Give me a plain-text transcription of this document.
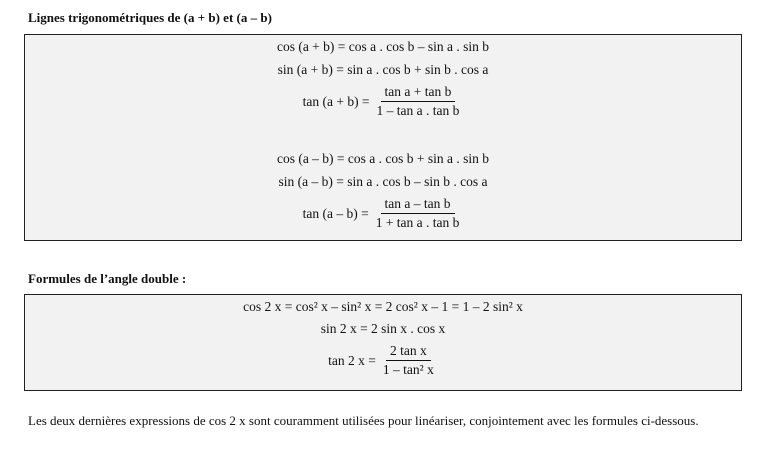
Lignes trigonométriques de (a + b) et (a – b)
cos (a + b) = cos a . cos b – sin a . sin b
sin (a + b) = sin a . cos b + sin b . cos a
$\tan (a + b) = \frac{\text{tan a + tan b}}{\text{1 – tan a . tan b}}$
cos (a – b) = cos a . cos b + sin a . sin b
sin (a – b) = sin a . cos b – sin b . cos a
$\tan (a - b) = \frac{\text{tan a – tan b}}{\text{1 + tan a . tan b}}$
Formules de l’angle double :
cos 2 x = cos² x – sin² x = 2 cos² x – 1 = 1 – 2 sin² x
sin 2 x = 2 sin x . cos x
tan 2 $x = \frac{\text{2 tan x}}{\text{1 – tan² x}}$
Les deux dernières expressions de cos 2 x sont couramment utilisées pour linéariser, conjointement avec les formules ci-dessous.
